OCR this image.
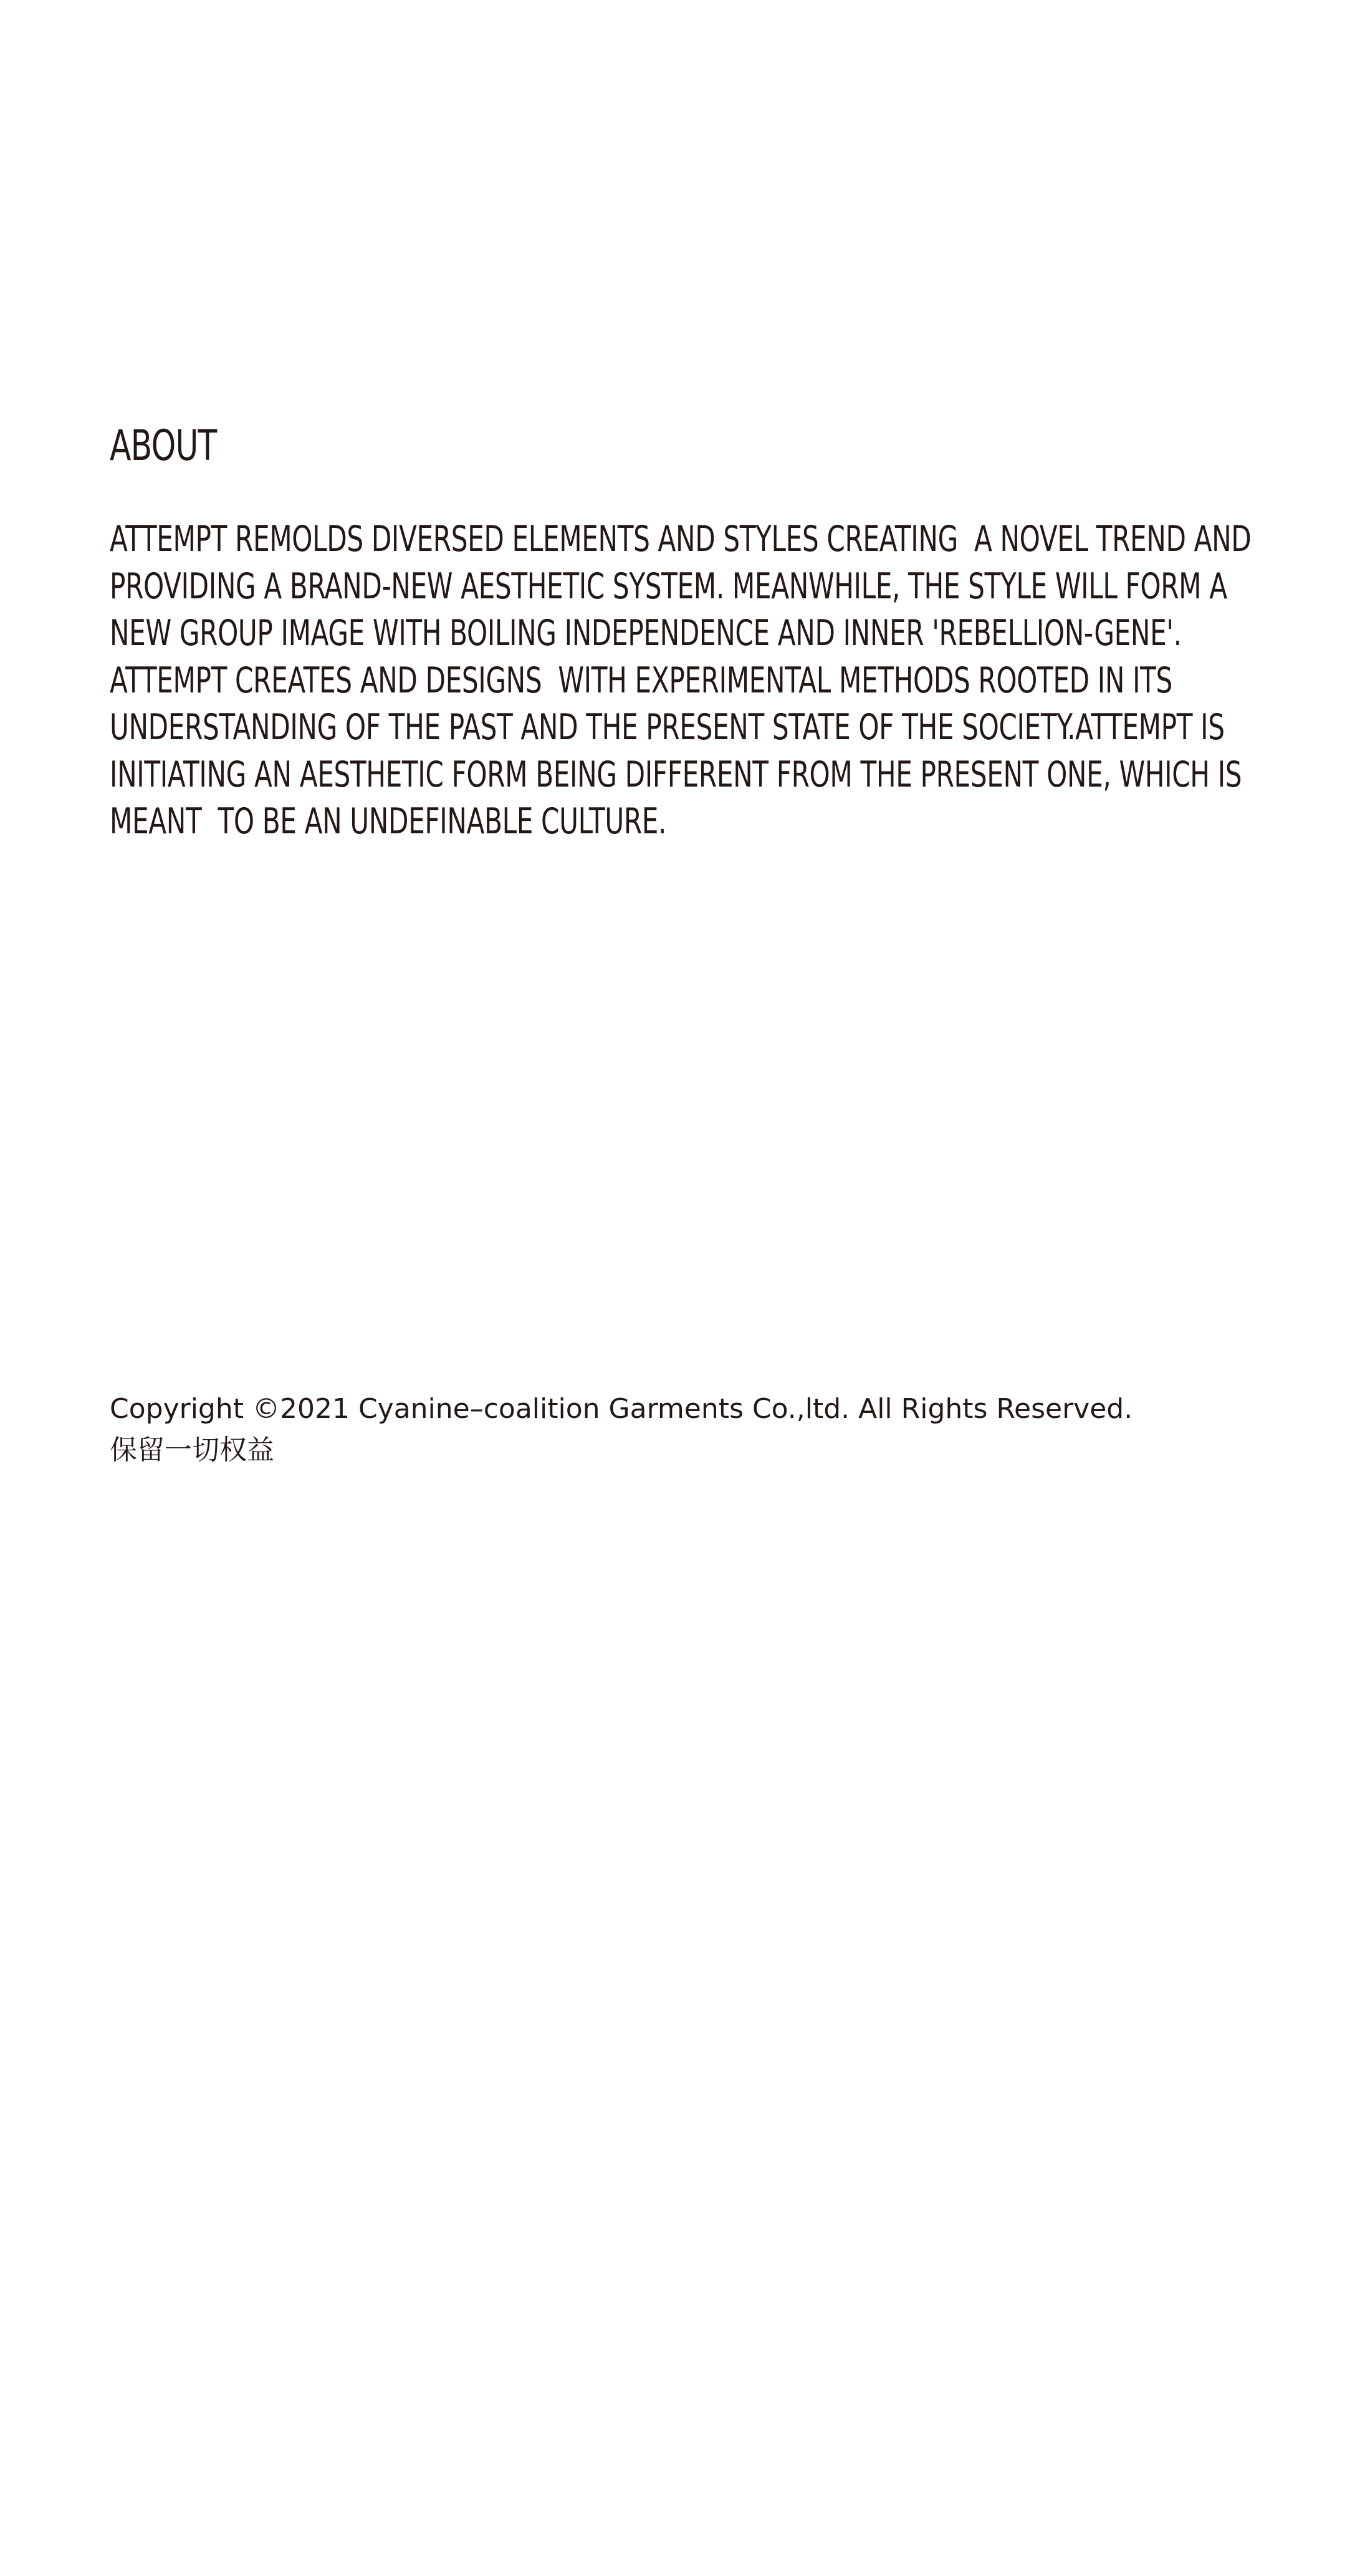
ABOUT

ATTEMPT REMOLDS DIVERSED ELEMENTS AND STYLES CREATING  A NOVEL TREND AND
PROVIDING A BRAND-NEW AESTHETIC SYSTEM. MEANWHILE, THE STYLE WILL FORM A
NEW GROUP IMAGE WITH BOILING INDEPENDENCE AND INNER 'REBELLION-GENE'.
ATTEMPT CREATES AND DESIGNS  WITH EXPERIMENTAL METHODS ROOTED IN ITS
UNDERSTANDING OF THE PAST AND THE PRESENT STATE OF THE SOCIETY.ATTEMPT IS
INITIATING AN AESTHETIC FORM BEING DIFFERENT FROM THE PRESENT ONE, WHICH IS
MEANT  TO BE AN UNDEFINABLE CULTURE.

Copyright ©2021 Cyanine–coalition Garments Co.,ltd. All Rights Reserved.
保留一切权益
